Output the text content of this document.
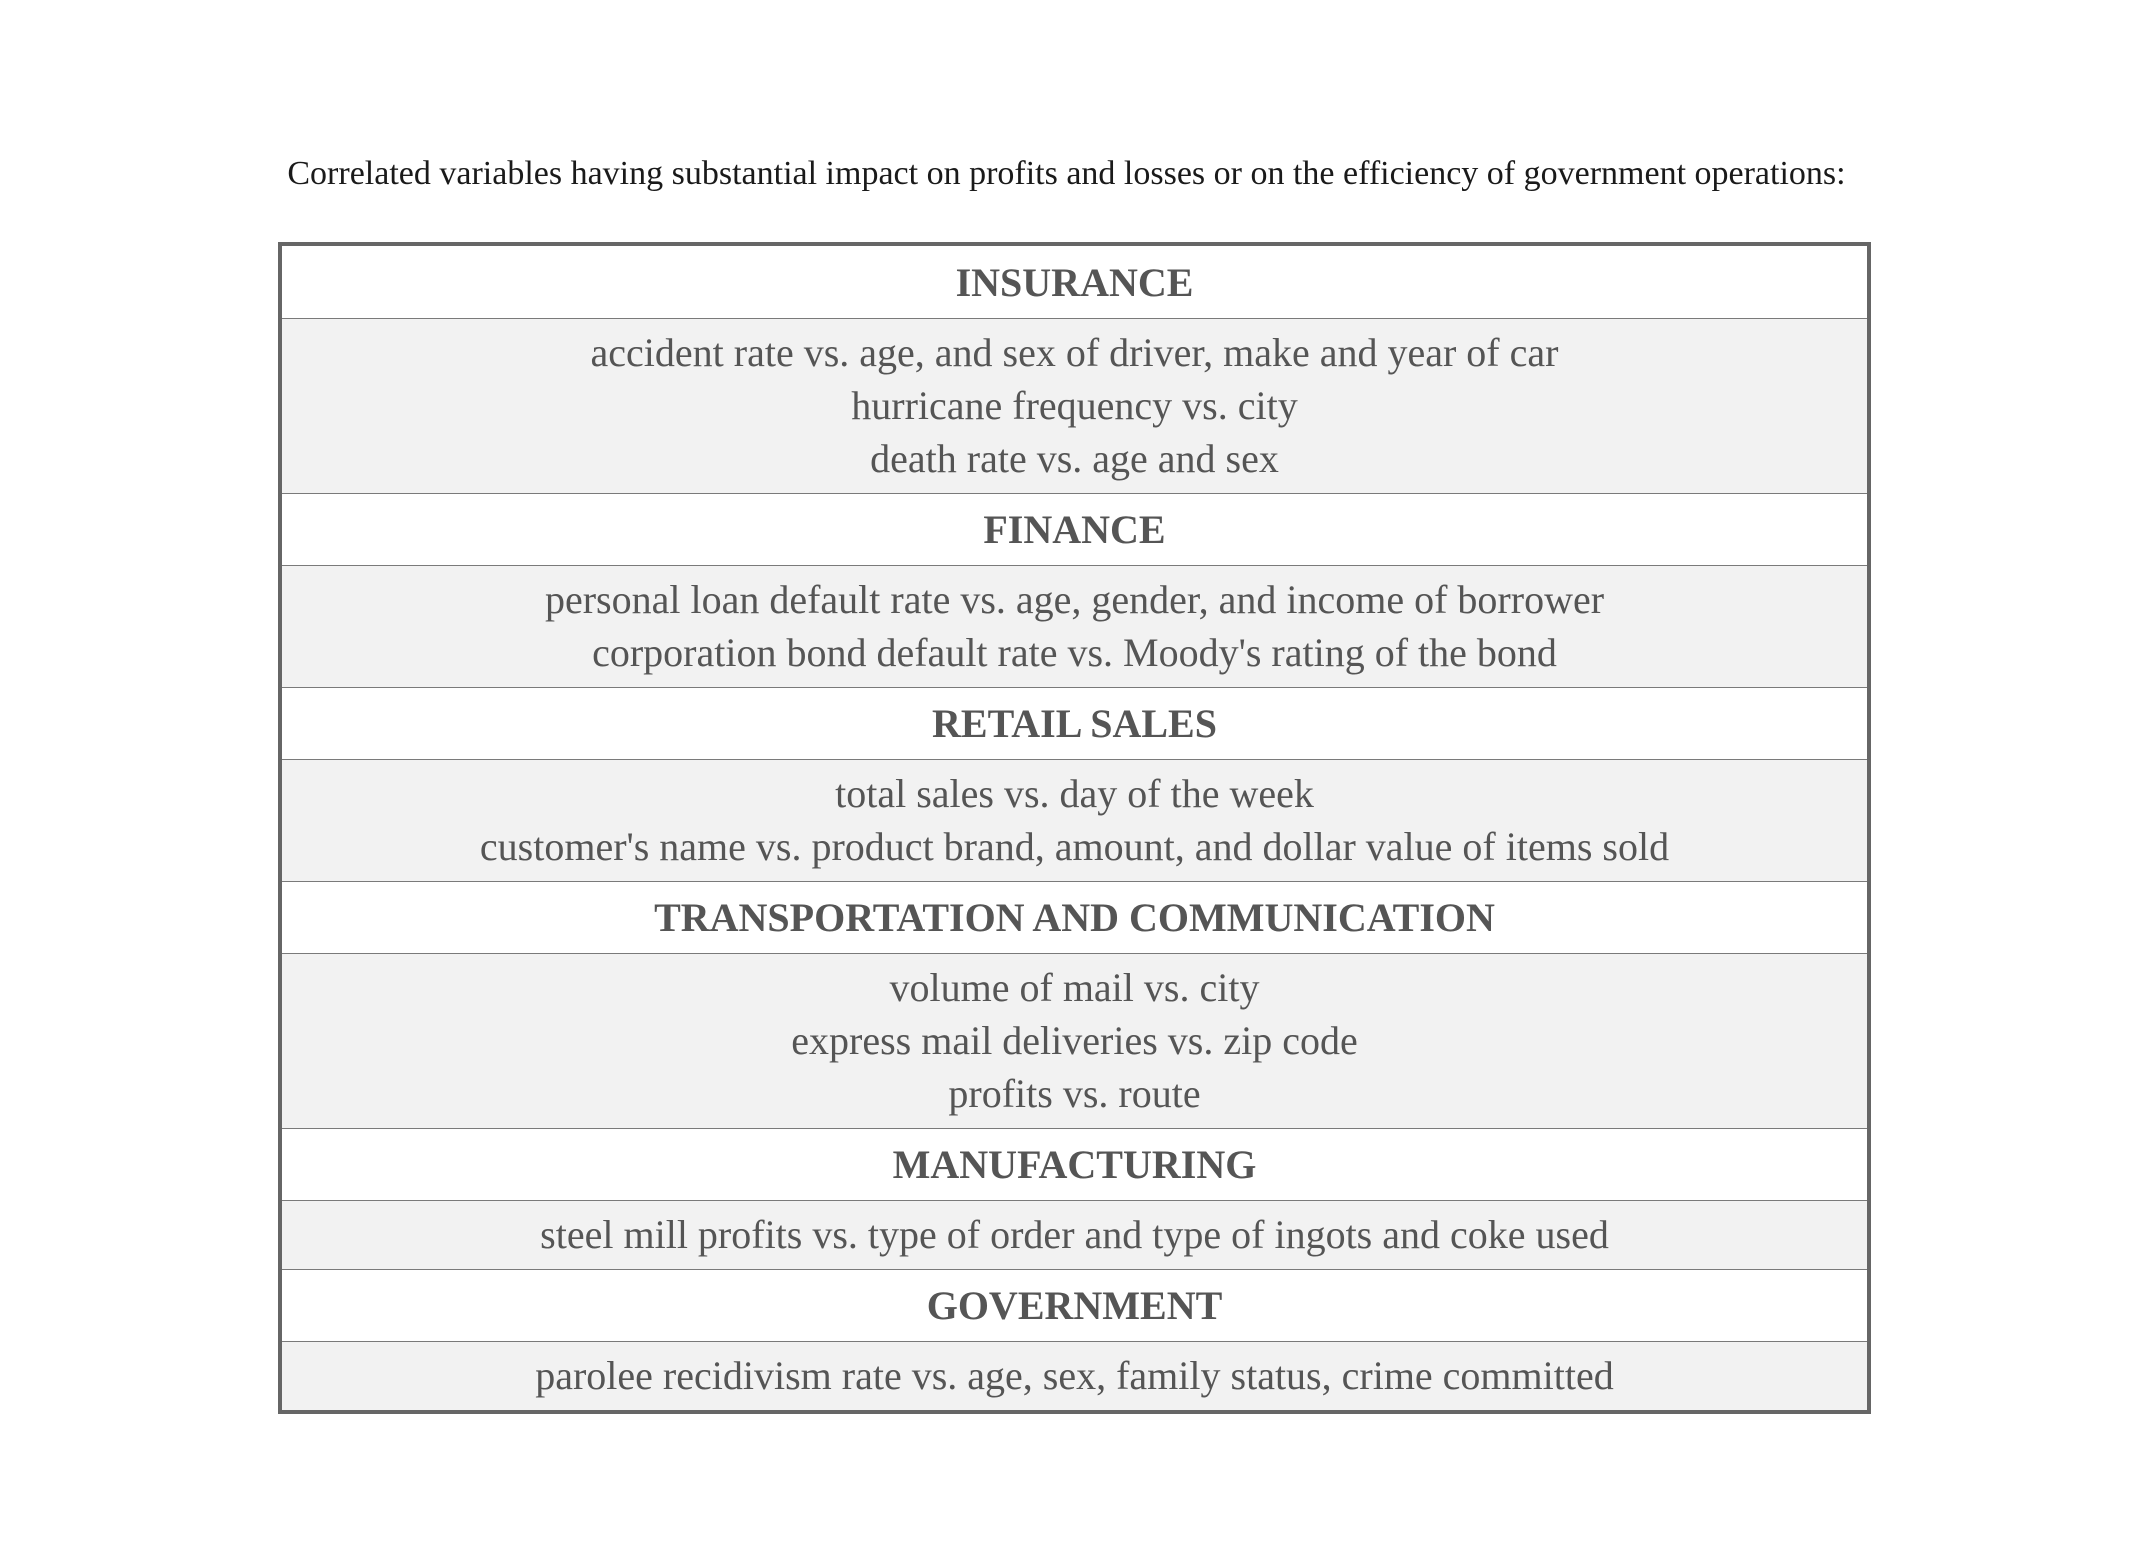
Correlated variables having substantial impact on profits and losses or on the efficiency of government operations:
INSURANCE
accident rate vs. age, and sex of driver, make and year of car
hurricane frequency vs. city
death rate vs. age and sex
FINANCE
personal loan default rate vs. age, gender, and income of borrower
corporation bond default rate vs. Moody's rating of the bond
RETAIL SALES
total sales vs. day of the week
customer's name vs. product brand, amount, and dollar value of items sold
TRANSPORTATION AND COMMUNICATION
volume of mail vs. city
express mail deliveries vs. zip code
profits vs. route
MANUFACTURING
steel mill profits vs. type of order and type of ingots and coke used
GOVERNMENT
parolee recidivism rate vs. age, sex, family status, crime committed
